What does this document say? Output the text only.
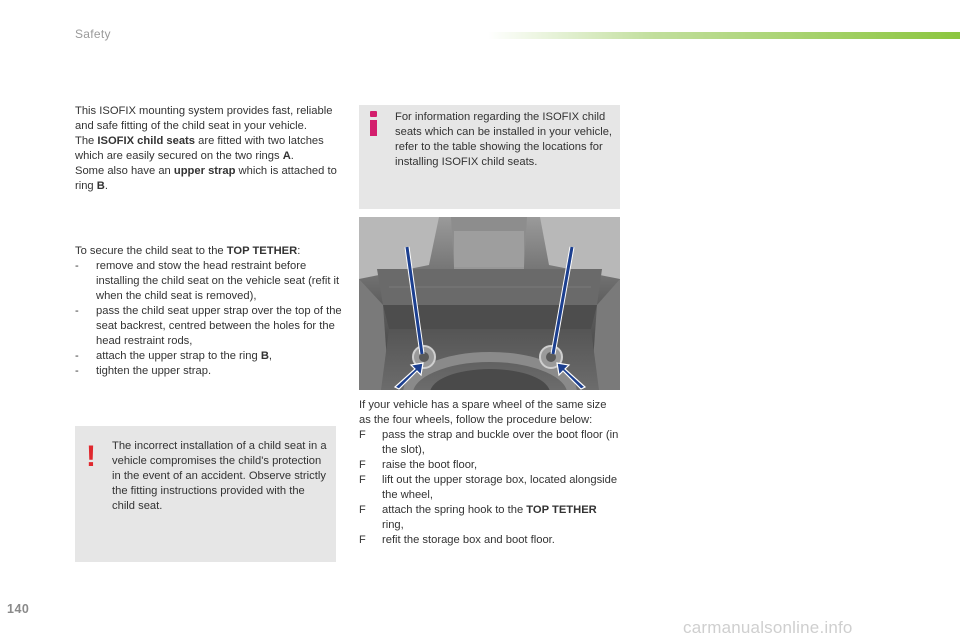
Safety
This ISOFIX mounting system provides fast, reliable and safe fitting of the child seat in your vehicle.
The ISOFIX child seats are fitted with two latches which are easily secured on the two rings A.
Some also have an upper strap which is attached to ring B.
To secure the child seat to the TOP TETHER:
- remove and stow the head restraint before installing the child seat on the vehicle seat (refit it when the child seat is removed),
- pass the child seat upper strap over the top of the seat backrest, centred between the holes for the head restraint rods,
- attach the upper strap to the ring B,
- tighten the upper strap.
! The incorrect installation of a child seat in a vehicle compromises the child's protection in the event of an accident. Observe strictly the fitting instructions provided with the child seat.
For information regarding the ISOFIX child seats which can be installed in your vehicle, refer to the table showing the locations for installing ISOFIX child seats.
If your vehicle has a spare wheel of the same size as the four wheels, follow the procedure below:
F pass the strap and buckle over the boot floor (in the slot),
F raise the boot floor,
F lift out the upper storage box, located alongside the wheel,
F attach the spring hook to the TOP TETHER ring,
F refit the storage box and boot floor.
140
carmanualsonline.info
